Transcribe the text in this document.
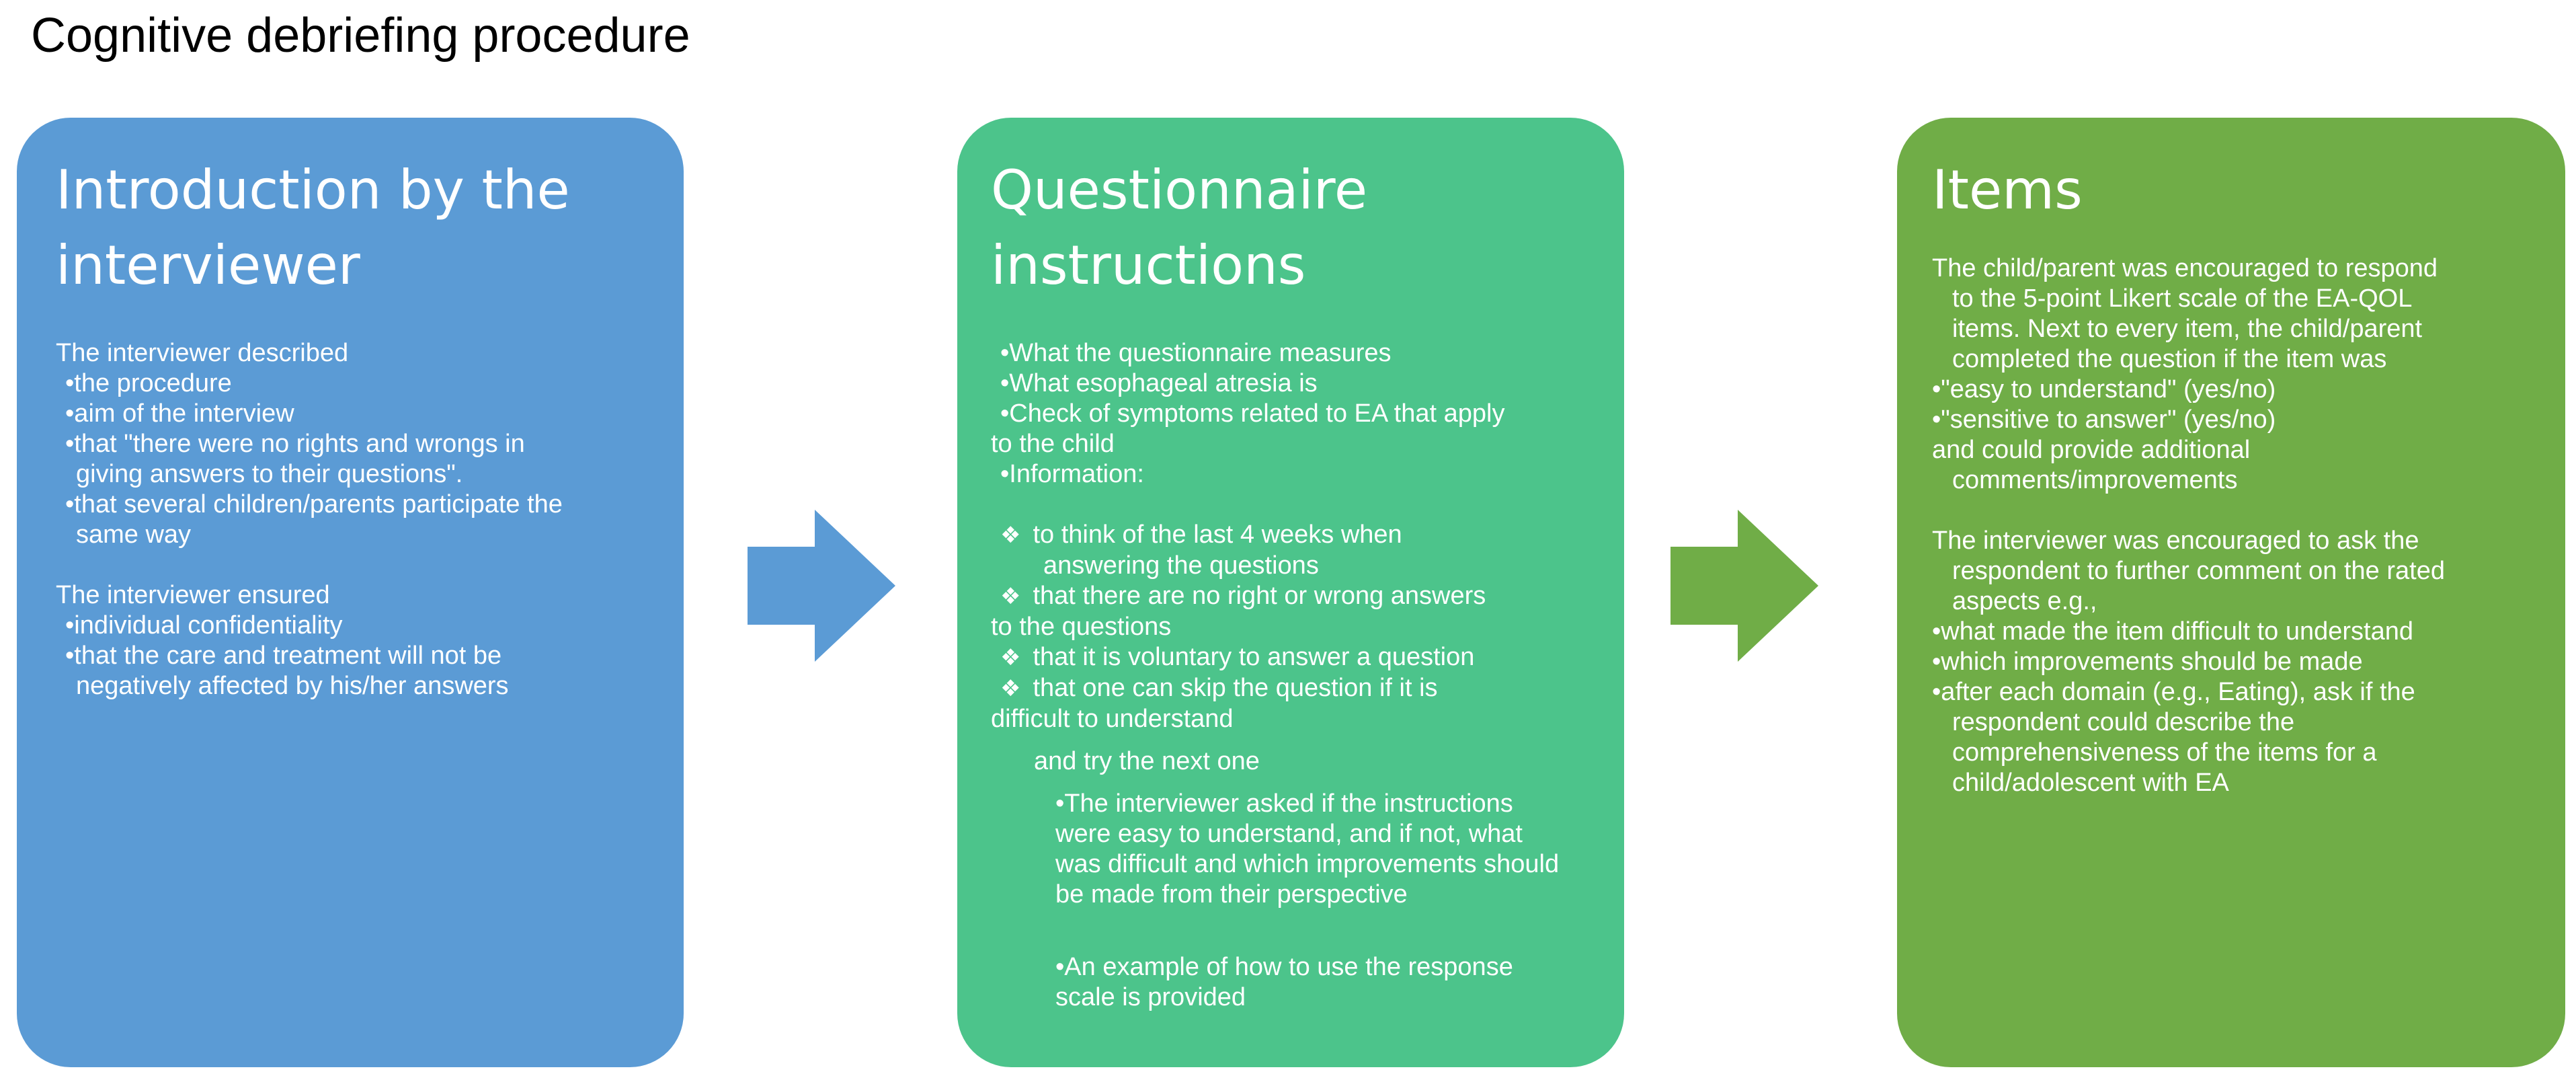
Cognitive debriefing procedure
Introduction by the
interviewer

The interviewer described

•the procedure

•aim of the interview

•that "there were no rights and wrongs in

giving answers to their questions".

•that several children/parents participate the

same way

The interviewer ensured

•individual confidentiality

•that the care and treatment will not be

negatively affected by his/her answers

Questionnaire
instructions

•What the questionnaire measures

•What esophageal atresia is

•Check of symptoms related to EA that apply

to the child

•Information:

❖ to think of the last 4 weeks when

answering the questions

❖ that there are no right or wrong answers

to the questions

❖ that it is voluntary to answer a question

❖ that one can skip the question if it is

difficult to understand

and try the next one

•The interviewer asked if the instructions

were easy to understand, and if not, what

was difficult and which improvements should

be made from their perspective

•An example of how to use the response

scale is provided

Items

The child/parent was encouraged to respond

to the 5-point Likert scale of the EA-QOL

items. Next to every item, the child/parent

completed the question if the item was

•"easy to understand" (yes/no)

•"sensitive to answer" (yes/no)

and could provide additional

comments/improvements

The interviewer was encouraged to ask the

respondent to further comment on the rated

aspects e.g.,

•what made the item difficult to understand

•which improvements should be made

•after each domain (e.g., Eating), ask if the

respondent could describe the

comprehensiveness of the items for a

child/adolescent with EA
